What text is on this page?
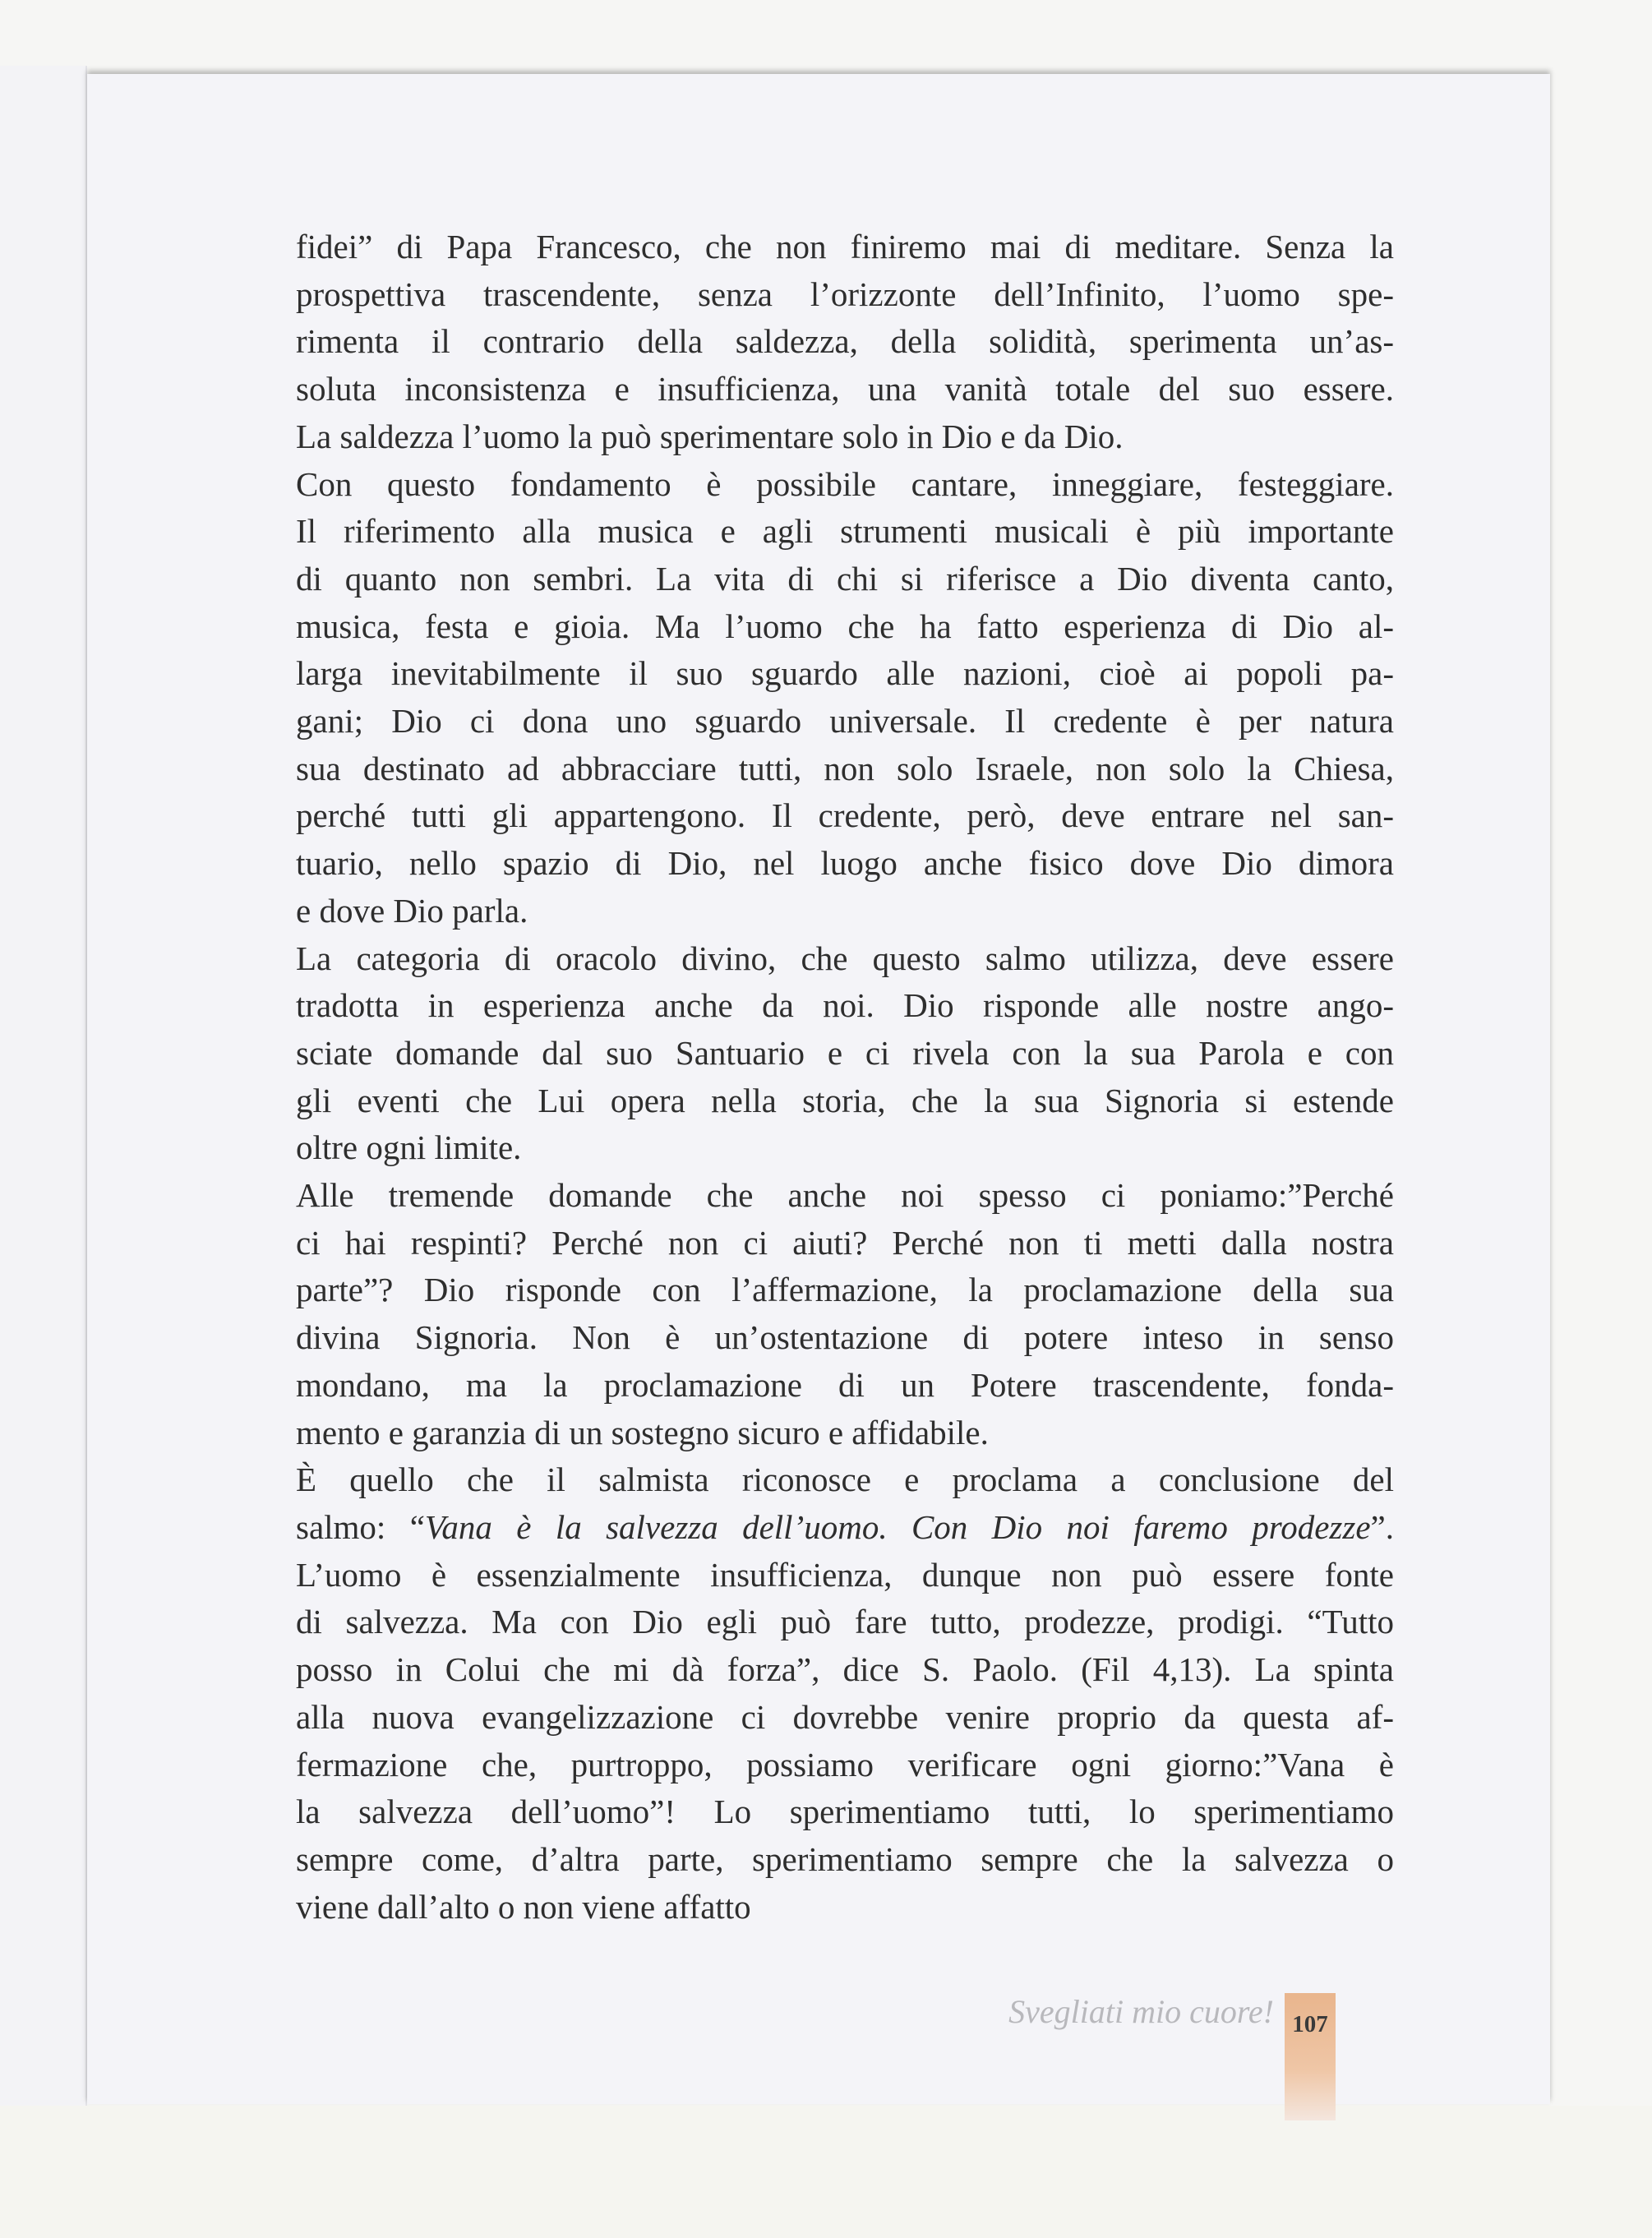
fidei” di Papa Francesco, che non finiremo mai di meditare. Senza la
prospettiva trascendente, senza l’orizzonte dell’Infinito, l’uomo spe-
rimenta il contrario della saldezza, della solidità, sperimenta un’as-
soluta inconsistenza e insufficienza, una vanità totale del suo essere.
La saldezza l’uomo la può sperimentare solo in Dio e da Dio.
Con questo fondamento è possibile cantare, inneggiare, festeggiare.
Il riferimento alla musica e agli strumenti musicali è più importante
di quanto non sembri. La vita di chi si riferisce a Dio diventa canto,
musica, festa e gioia. Ma l’uomo che ha fatto esperienza di Dio al-
larga inevitabilmente il suo sguardo alle nazioni, cioè ai popoli pa-
gani; Dio ci dona uno sguardo universale. Il credente è per natura
sua destinato ad abbracciare tutti, non solo Israele, non solo la Chiesa,
perché tutti gli appartengono. Il credente, però, deve entrare nel san-
tuario, nello spazio di Dio, nel luogo anche fisico dove Dio dimora
e dove Dio parla.
La categoria di oracolo divino, che questo salmo utilizza, deve essere
tradotta in esperienza anche da noi. Dio risponde alle nostre ango-
sciate domande dal suo Santuario e ci rivela con la sua Parola e con
gli eventi che Lui opera nella storia, che la sua Signoria si estende
oltre ogni limite.
Alle tremende domande che anche noi spesso ci poniamo:”Perché
ci hai respinti? Perché non ci aiuti? Perché non ti metti dalla nostra
parte”? Dio risponde con l’affermazione, la proclamazione della sua
divina Signoria. Non è un’ostentazione di potere inteso in senso
mondano, ma la proclamazione di un Potere trascendente, fonda-
mento e garanzia di un sostegno sicuro e affidabile.
È quello che il salmista riconosce e proclama a conclusione del
salmo: “Vana è la salvezza dell’uomo. Con Dio noi faremo prodezze”.
L’uomo è essenzialmente insufficienza, dunque non può essere fonte
di salvezza. Ma con Dio egli può fare tutto, prodezze, prodigi. “Tutto
posso in Colui che mi dà forza”, dice S. Paolo. (Fil 4,13). La spinta
alla nuova evangelizzazione ci dovrebbe venire proprio da questa af-
fermazione che, purtroppo, possiamo verificare ogni giorno:”Vana è
la salvezza dell’uomo”! Lo sperimentiamo tutti, lo sperimentiamo
sempre come, d’altra parte, sperimentiamo sempre che la salvezza o
viene dall’alto o non viene affatto
Svegliati mio cuore! 107
